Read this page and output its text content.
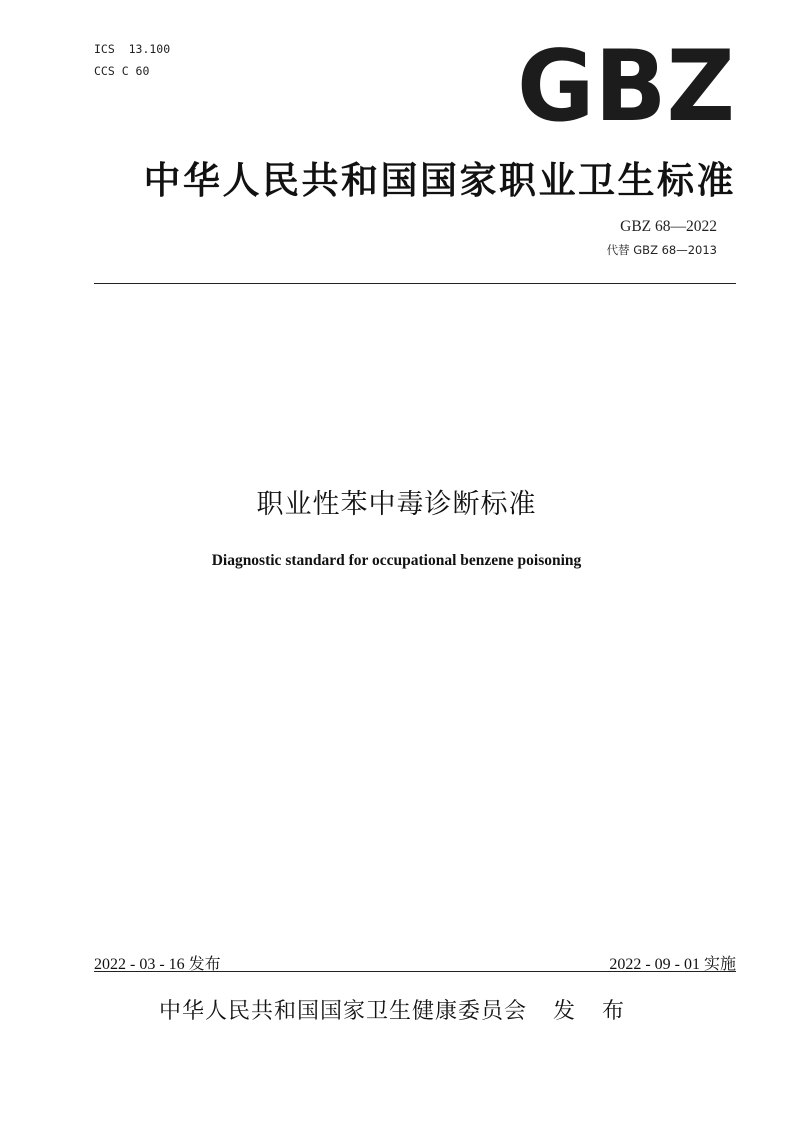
ICS  13.100
CCS C 60	GBZ
中华人民共和国国家职业卫生标准
GBZ 68—2022
代替 GBZ 68—2013
职业性苯中毒诊断标准
Diagnostic standard for occupational benzene poisoning
2022 - 03 - 16 发布	2022 - 09 - 01 实施
中华人民共和国国家卫生健康委员会 发 布
